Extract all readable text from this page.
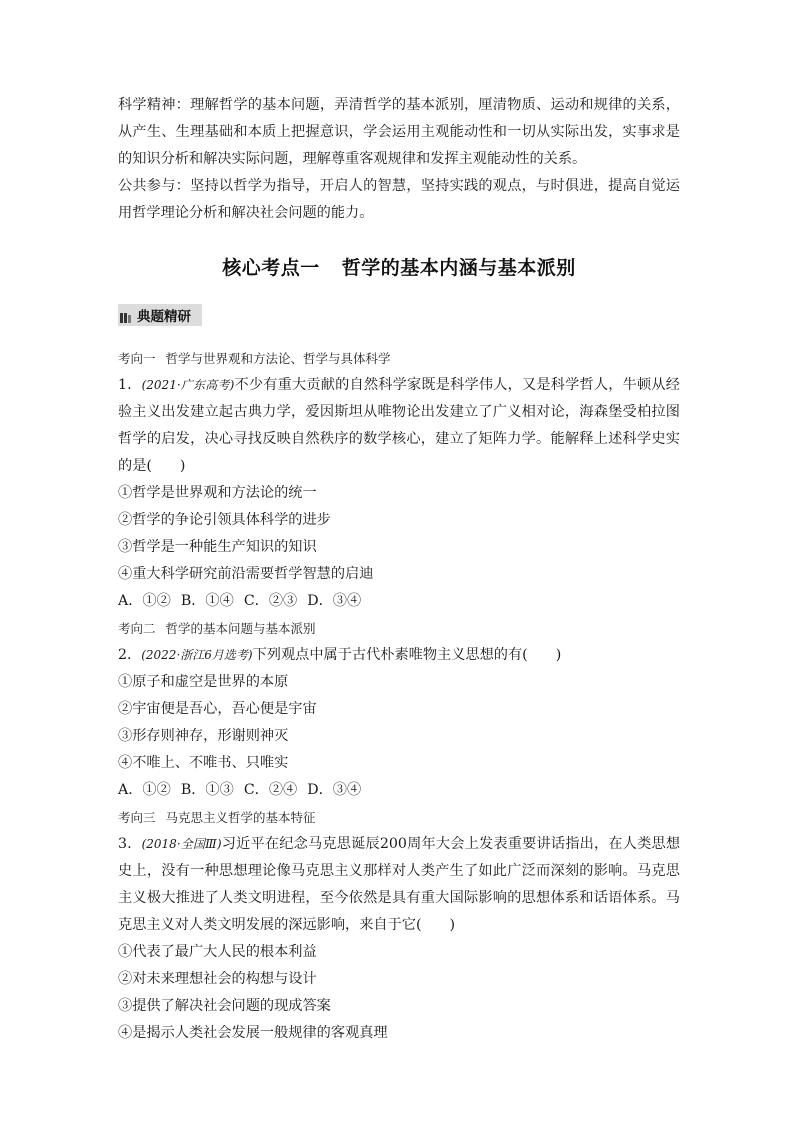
科学精神：理解哲学的基本问题，弄清哲学的基本派别，厘清物质、运动和规律的关系，从产生、生理基础和本质上把握意识，学会运用主观能动性和一切从实际出发，实事求是的知识分析和解决实际问题，理解尊重客观规律和发挥主观能动性的关系。

公共参与：坚持以哲学为指导，开启人的智慧，坚持实践的观点，与时俱进，提高自觉运用哲学理论分析和解决社会问题的能力。

核心考点一 哲学的基本内涵与基本派别
典题精研

考向一 哲学与世界观和方法论、哲学与具体科学

1．(2021·广东高考)不少有重大贡献的自然科学家既是科学伟人，又是科学哲人，牛顿从经验主义出发建立起古典力学，爱因斯坦从唯物论出发建立了广义相对论，海森堡受柏拉图哲学的启发，决心寻找反映自然秩序的数学核心，建立了矩阵力学。能解释上述科学史实的是( )

①哲学是世界观和方法论的统一

②哲学的争论引领具体科学的进步

③哲学是一种能生产知识的知识

④重大科学研究前沿需要哲学智慧的启迪

A．①② B．①④ C．②③ D．③④

考向二 哲学的基本问题与基本派别

2．(2022·浙江6月选考)下列观点中属于古代朴素唯物主义思想的有( )

①原子和虚空是世界的本原

②宇宙便是吾心，吾心便是宇宙

③形存则神存，形谢则神灭

④不唯上、不唯书、只唯实

A．①② B．①③ C．②④ D．③④

考向三 马克思主义哲学的基本特征

3．(2018·全国Ⅲ)习近平在纪念马克思诞辰200周年大会上发表重要讲话指出，在人类思想史上，没有一种思想理论像马克思主义那样对人类产生了如此广泛而深刻的影响。马克思主义极大推进了人类文明进程，至今依然是具有重大国际影响的思想体系和话语体系。马克思主义对人类文明发展的深远影响，来自于它( )

①代表了最广大人民的根本利益

②对未来理想社会的构想与设计

③提供了解决社会问题的现成答案

④是揭示人类社会发展一般规律的客观真理
